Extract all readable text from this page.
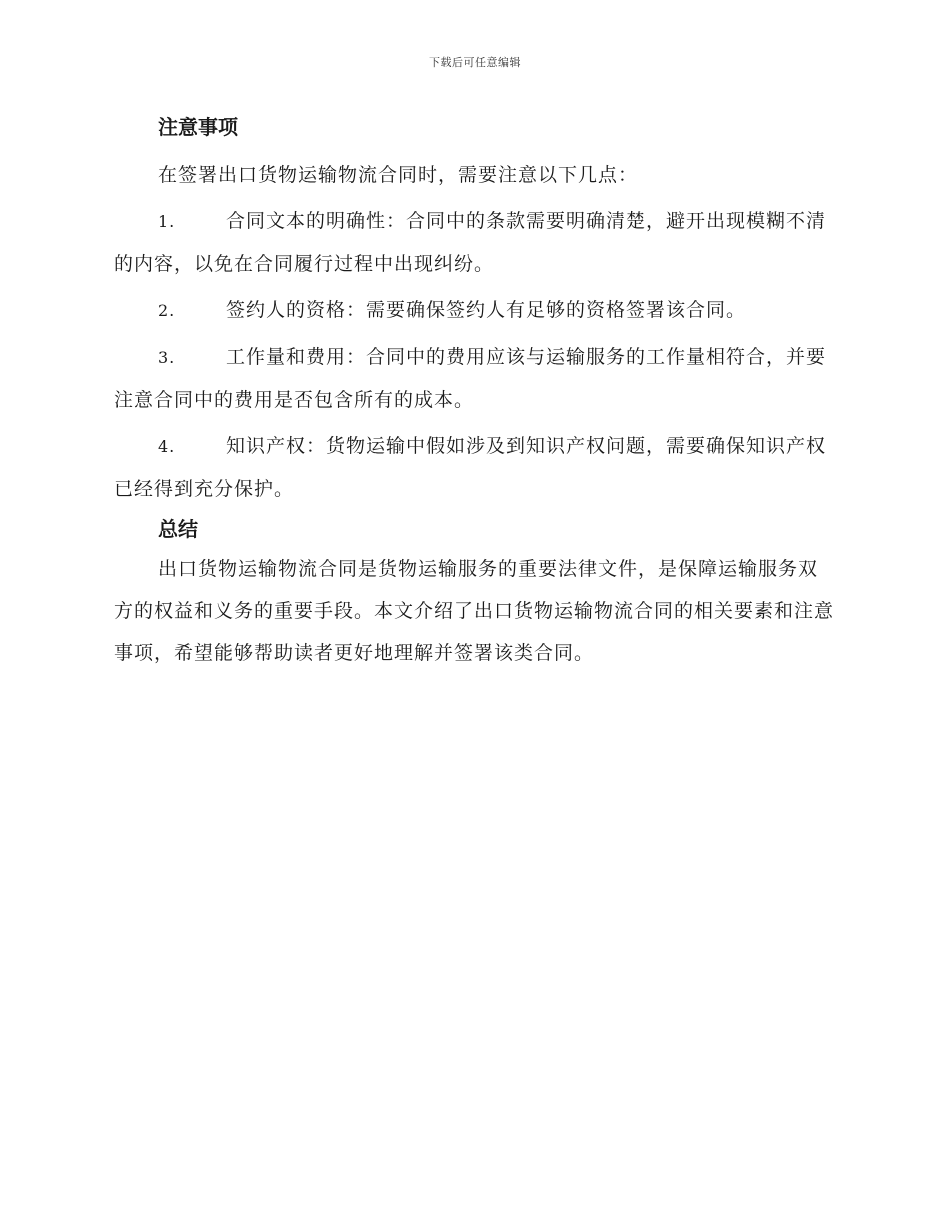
下载后可任意编辑
注意事项

在签署出口货物运输物流合同时，需要注意以下几点：

1.	合同文本的明确性：合同中的条款需要明确清楚，避开出现模糊不清的内容，以免在合同履行过程中出现纠纷。

2.	签约人的资格：需要确保签约人有足够的资格签署该合同。

3.	工作量和费用：合同中的费用应该与运输服务的工作量相符合，并要注意合同中的费用是否包含所有的成本。

4.	知识产权：货物运输中假如涉及到知识产权问题，需要确保知识产权已经得到充分保护。

总结

出口货物运输物流合同是货物运输服务的重要法律文件，是保障运输服务双方的权益和义务的重要手段。本文介绍了出口货物运输物流合同的相关要素和注意事项，希望能够帮助读者更好地理解并签署该类合同。
